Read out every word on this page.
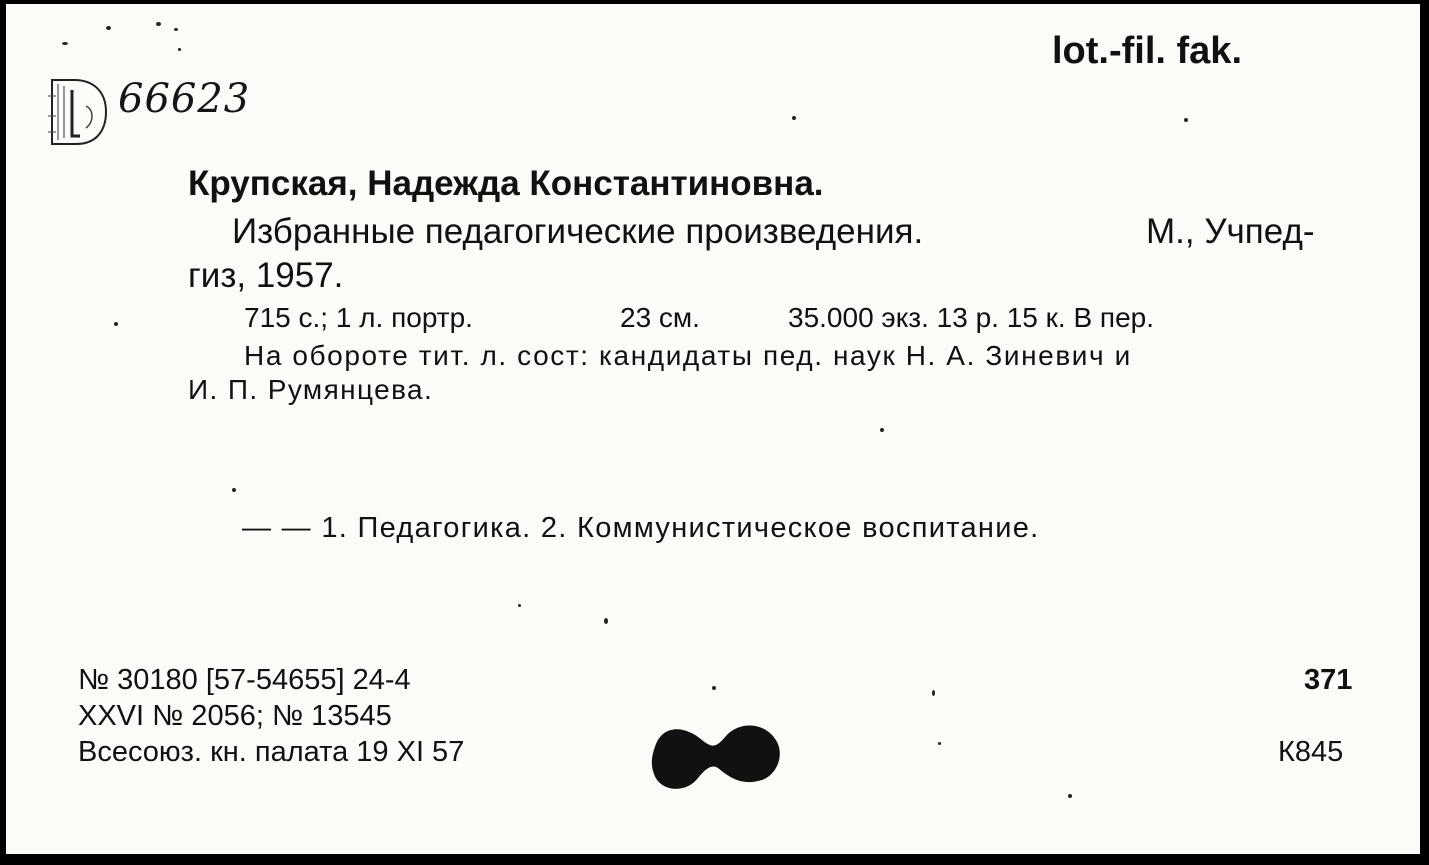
66623
lot.-fil. fak.
Крупская, Надежда Константиновна.
Избранные педагогические произведения.	М., Учпед-
гиз, 1957.
715 с.; 1 л. портр.	23 см.	35.000 экз. 13 р. 15 к. В пер.
На обороте тит. л. сост: кандидаты пед. наук Н. А. Зиневич и
И. П. Румянцева.
— — 1. Педагогика. 2. Коммунистическое воспитание.
№ 30180 [57-54655] 24-4
XXVI № 2056; № 13545
Всесоюз. кн. палата 19 XI 57
371
К845
